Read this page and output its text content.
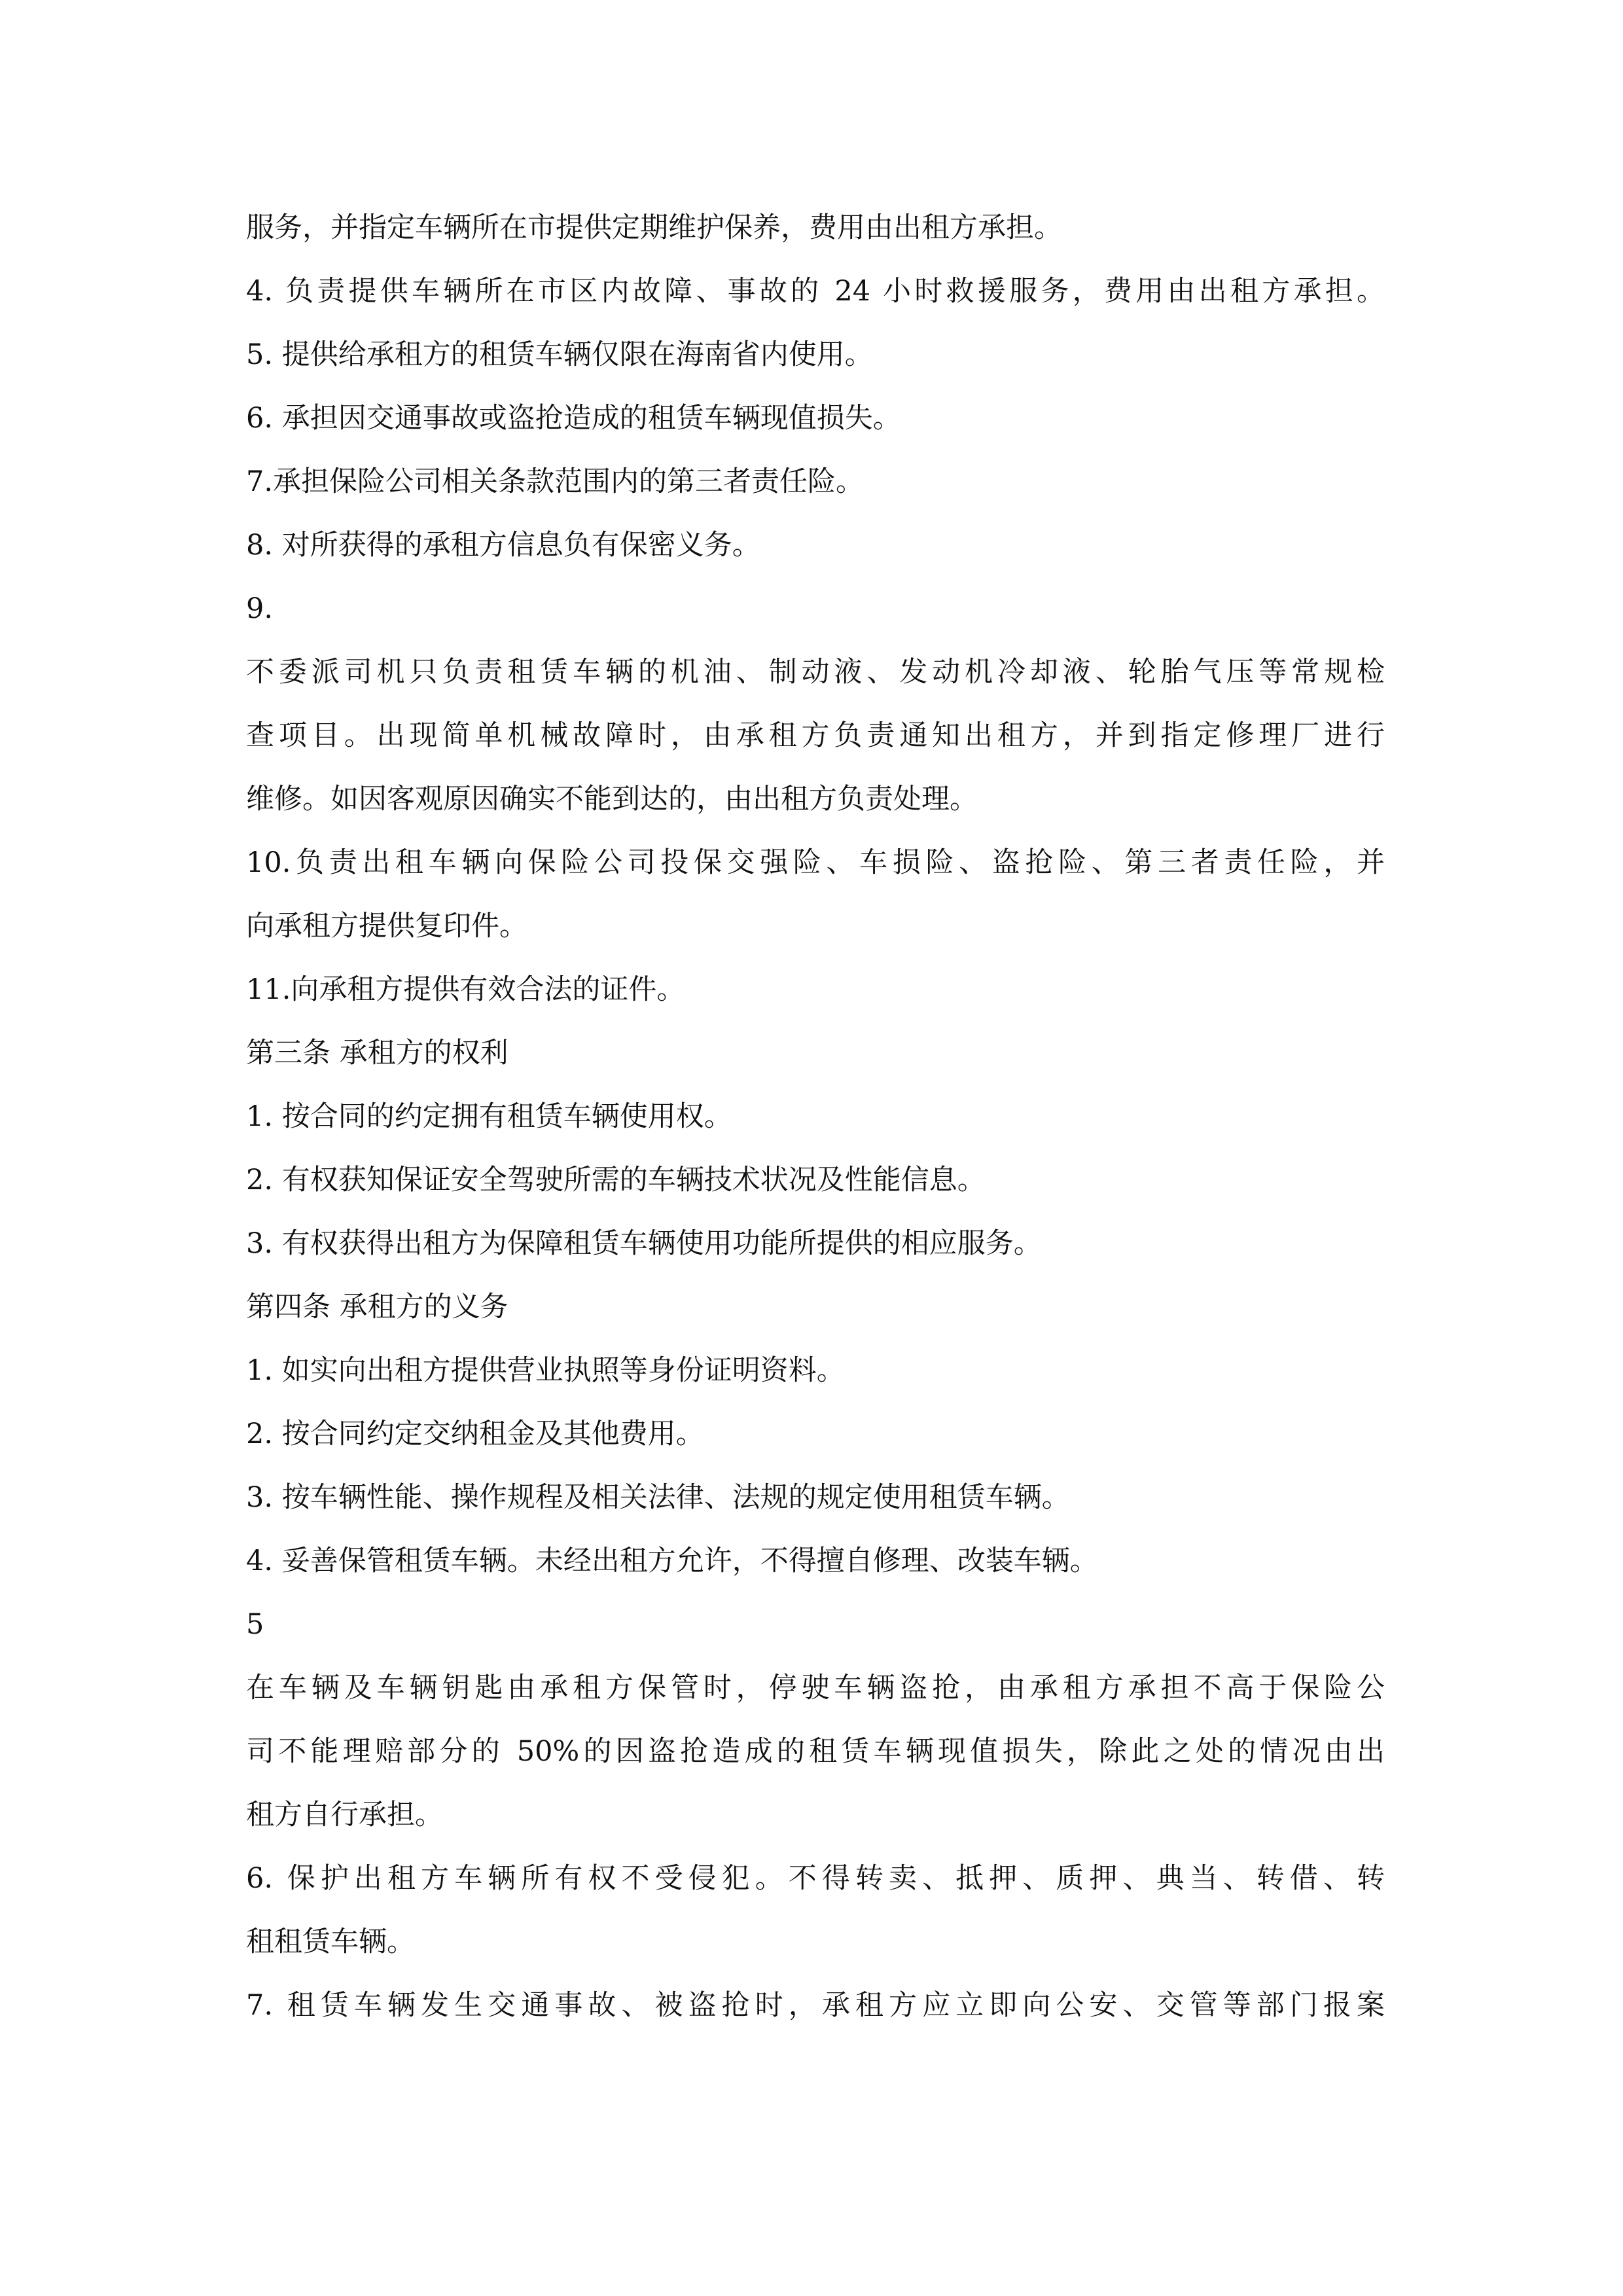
服务，并指定车辆所在市提供定期维护保养，费用由出租方承担。
4. 负责提供车辆所在市区内故障、事故的 24 小时救援服务，费用由出租方承担。
5. 提供给承租方的租赁车辆仅限在海南省内使用。
6. 承担因交通事故或盗抢造成的租赁车辆现值损失。
7.承担保险公司相关条款范围内的第三者责任险。
8. 对所获得的承租方信息负有保密义务。
9.
不委派司机只负责租赁车辆的机油、制动液、发动机冷却液、轮胎气压等常规检
查项目。出现简单机械故障时，由承租方负责通知出租方，并到指定修理厂进行
维修。如因客观原因确实不能到达的，由出租方负责处理。
10.负责出租车辆向保险公司投保交强险、车损险、盗抢险、第三者责任险，并
向承租方提供复印件。
11.向承租方提供有效合法的证件。
第三条 承租方的权利
1. 按合同的约定拥有租赁车辆使用权。
2. 有权获知保证安全驾驶所需的车辆技术状况及性能信息。
3. 有权获得出租方为保障租赁车辆使用功能所提供的相应服务。
第四条 承租方的义务
1. 如实向出租方提供营业执照等身份证明资料。
2. 按合同约定交纳租金及其他费用。
3. 按车辆性能、操作规程及相关法律、法规的规定使用租赁车辆。
4. 妥善保管租赁车辆。未经出租方允许，不得擅自修理、改装车辆。
5
在车辆及车辆钥匙由承租方保管时，停驶车辆盗抢，由承租方承担不高于保险公
司不能理赔部分的 50%的因盗抢造成的租赁车辆现值损失，除此之处的情况由出
租方自行承担。
6. 保护出租方车辆所有权不受侵犯。不得转卖、抵押、质押、典当、转借、转
租租赁车辆。
7. 租赁车辆发生交通事故、被盗抢时，承租方应立即向公安、交管等部门报案
